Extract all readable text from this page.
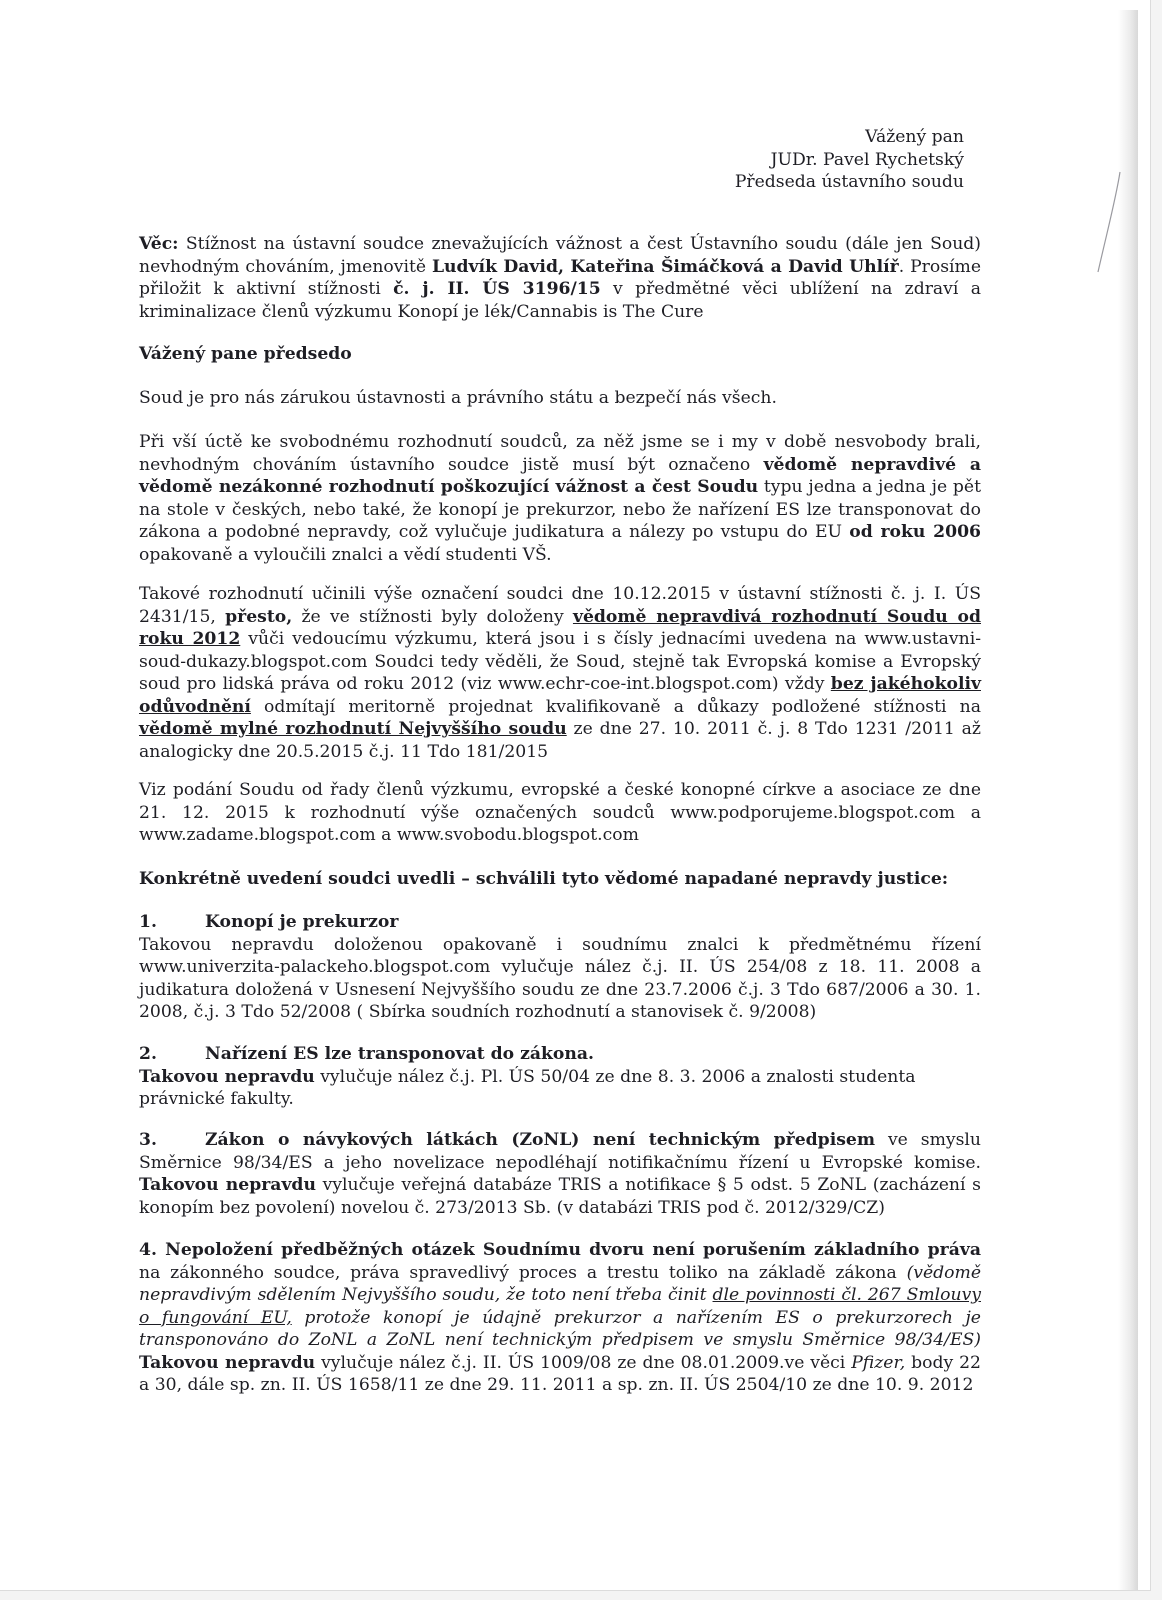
Vážený pan
JUDr. Pavel Rychetský
Předseda ústavního soudu
Věc: Stížnost na ústavní soudce znevažujících vážnost a čest Ústavního soudu (dále jen Soud) nevhodným chováním, jmenovitě Ludvík David, Kateřina Šimáčková a David Uhlíř. Prosíme přiložit k aktivní stížnosti č. j. II. ÚS 3196/15 v předmětné věci ublížení na zdraví a kriminalizace členů výzkumu Konopí je lék/Cannabis is The Cure
Vážený pane předsedo
Soud je pro nás zárukou ústavnosti a právního státu a bezpečí nás všech.
Při vší úctě ke svobodnému rozhodnutí soudců, za něž jsme se i my v době nesvobody brali, nevhodným chováním ústavního soudce jistě musí být označeno vědomě nepravdivé a vědomě nezákonné rozhodnutí poškozující vážnost a čest Soudu typu jedna a jedna je pět na stole v českých, nebo také, že konopí je prekurzor, nebo že nařízení ES lze transponovat do zákona a podobné nepravdy, což vylučuje judikatura a nálezy po vstupu do EU od roku 2006 opakovaně a vyloučili znalci a vědí studenti VŠ.
Takové rozhodnutí učinili výše označení soudci dne 10.12.2015 v ústavní stížnosti č. j. I. ÚS 2431/15, přesto, že ve stížnosti byly doloženy vědomě nepravdivá rozhodnutí Soudu od roku 2012 vůči vedoucímu výzkumu, která jsou i s čísly jednacími uvedena na www.ustavni-soud-dukazy.blogspot.com Soudci tedy věděli, že Soud, stejně tak Evropská komise a Evropský soud pro lidská práva od roku 2012 (viz www.echr-coe-int.blogspot.com) vždy bez jakéhokoliv odůvodnění odmítají meritorně projednat kvalifikovaně a důkazy podložené stížnosti na vědomě mylné rozhodnutí Nejvyššího soudu ze dne 27. 10. 2011 č. j. 8 Tdo 1231 /2011 až analogicky dne 20.5.2015 č.j. 11 Tdo 181/2015
Viz podání Soudu od řady členů výzkumu, evropské a české konopné církve a asociace ze dne 21. 12. 2015 k rozhodnutí výše označených soudců www.podporujeme.blogspot.com a www.zadame.blogspot.com a www.svobodu.blogspot.com
Konkrétně uvedení soudci uvedli – schválili tyto vědomé napadané nepravdy justice:
1.	Konopí je prekurzor
Takovou nepravdu doloženou opakovaně i soudnímu znalci k předmětnému řízení www.univerzita-palackeho.blogspot.com vylučuje nález č.j. II. ÚS 254/08 z 18. 11. 2008 a judikatura doložená v Usnesení Nejvyššího soudu ze dne 23.7.2006 č.j. 3 Tdo 687/2006 a 30. 1. 2008, č.j. 3 Tdo 52/2008 ( Sbírka soudních rozhodnutí a stanovisek č. 9/2008)
2.	Nařízení ES lze transponovat do zákona.
Takovou nepravdu vylučuje nález č.j. Pl. ÚS 50/04 ze dne 8. 3. 2006 a znalosti studenta právnické fakulty.
3.	Zákon o návykových látkách (ZoNL) není technickým předpisem ve smyslu Směrnice 98/34/ES a jeho novelizace nepodléhají notifikačnímu řízení u Evropské komise. Takovou nepravdu vylučuje veřejná databáze TRIS a notifikace § 5 odst. 5 ZoNL (zacházení s konopím bez povolení) novelou č. 273/2013 Sb. (v databázi TRIS pod č. 2012/329/CZ)
4. Nepoložení předběžných otázek Soudnímu dvoru není porušením základního práva na zákonného soudce, práva spravedlivý proces a trestu toliko na základě zákona (vědomě nepravdivým sdělením Nejvyššího soudu, že toto není třeba činit dle povinnosti čl. 267 Smlouvy o fungování EU, protože konopí je údajně prekurzor a nařízením ES o prekurzorech je transponováno do ZoNL a ZoNL není technickým předpisem ve smyslu Směrnice 98/34/ES) Takovou nepravdu vylučuje nález č.j. II. ÚS 1009/08 ze dne 08.01.2009.ve věci Pfizer, body 22 a 30, dále sp. zn. II. ÚS 1658/11 ze dne 29. 11. 2011 a sp. zn. II. ÚS 2504/10 ze dne 10. 9. 2012
